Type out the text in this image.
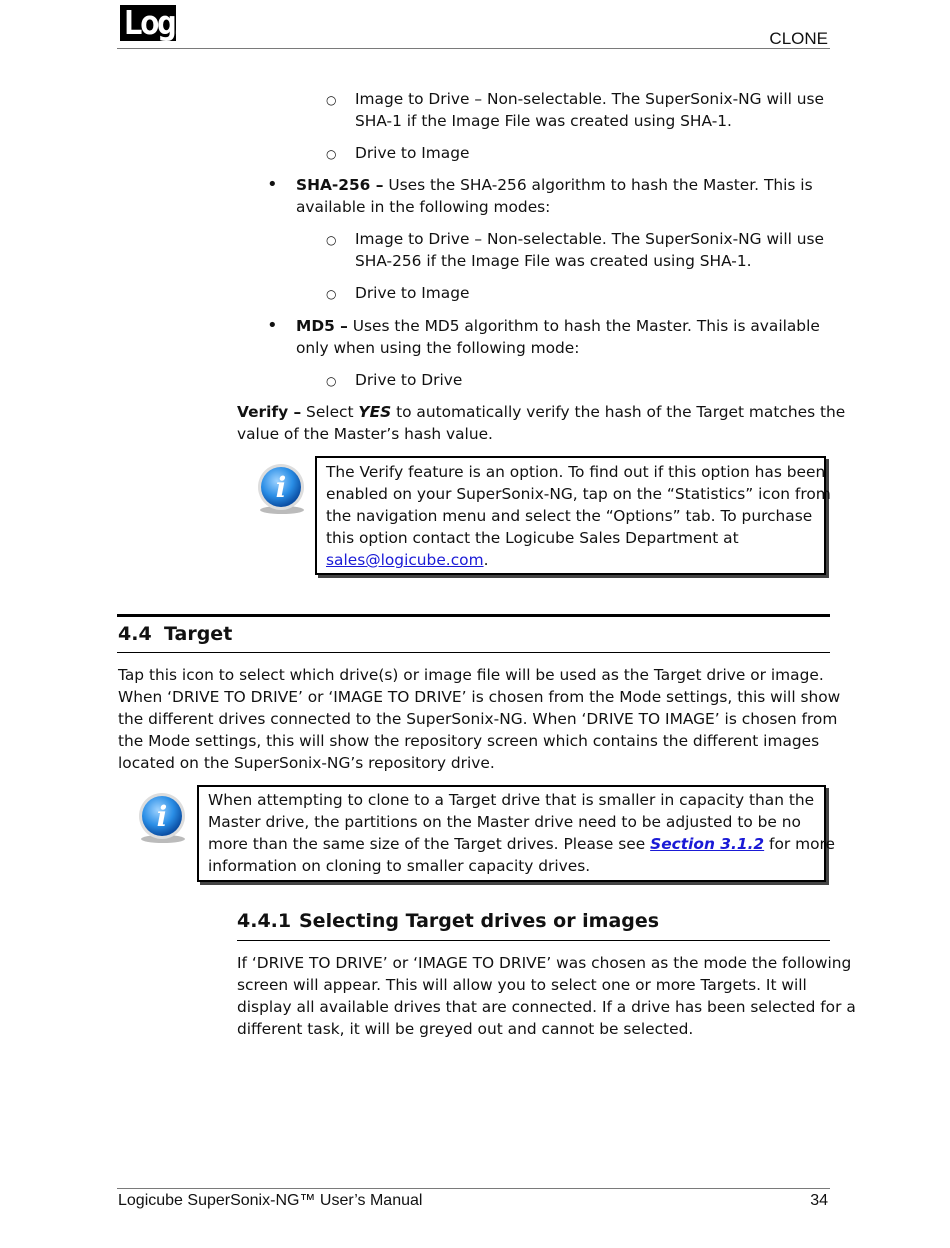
Logicube	CLONE
○ Image to Drive – Non-selectable. The SuperSonix-NG will use
SHA-1 if the Image File was created using SHA-1.
○ Drive to Image
• SHA-256 – Uses the SHA-256 algorithm to hash the Master. This is
available in the following modes:
○ Image to Drive – Non-selectable. The SuperSonix-NG will use
SHA-256 if the Image File was created using SHA-1.
○ Drive to Image
• MD5 – Uses the MD5 algorithm to hash the Master. This is available
only when using the following mode:
○ Drive to Drive
Verify – Select YES to automatically verify the hash of the Target matches the
value of the Master’s hash value.
i	The Verify feature is an option. To find out if this option has been
enabled on your SuperSonix-NG, tap on the “Statistics” icon from
the navigation menu and select the “Options” tab. To purchase
this option contact the Logicube Sales Department at
sales@logicube.com.
4.4 Target
Tap this icon to select which drive(s) or image file will be used as the Target drive or image.
When ‘DRIVE TO DRIVE’ or ‘IMAGE TO DRIVE’ is chosen from the Mode settings, this will show
the different drives connected to the SuperSonix-NG. When ‘DRIVE TO IMAGE’ is chosen from
the Mode settings, this will show the repository screen which contains the different images
located on the SuperSonix-NG’s repository drive.
i	When attempting to clone to a Target drive that is smaller in capacity than the
Master drive, the partitions on the Master drive need to be adjusted to be no
more than the same size of the Target drives. Please see Section 3.1.2 for more
information on cloning to smaller capacity drives.
4.4.1 Selecting Target drives or images
If ‘DRIVE TO DRIVE’ or ‘IMAGE TO DRIVE’ was chosen as the mode the following
screen will appear. This will allow you to select one or more Targets. It will
display all available drives that are connected. If a drive has been selected for a
different task, it will be greyed out and cannot be selected.
Logicube SuperSonix-NG™ User’s Manual	34
